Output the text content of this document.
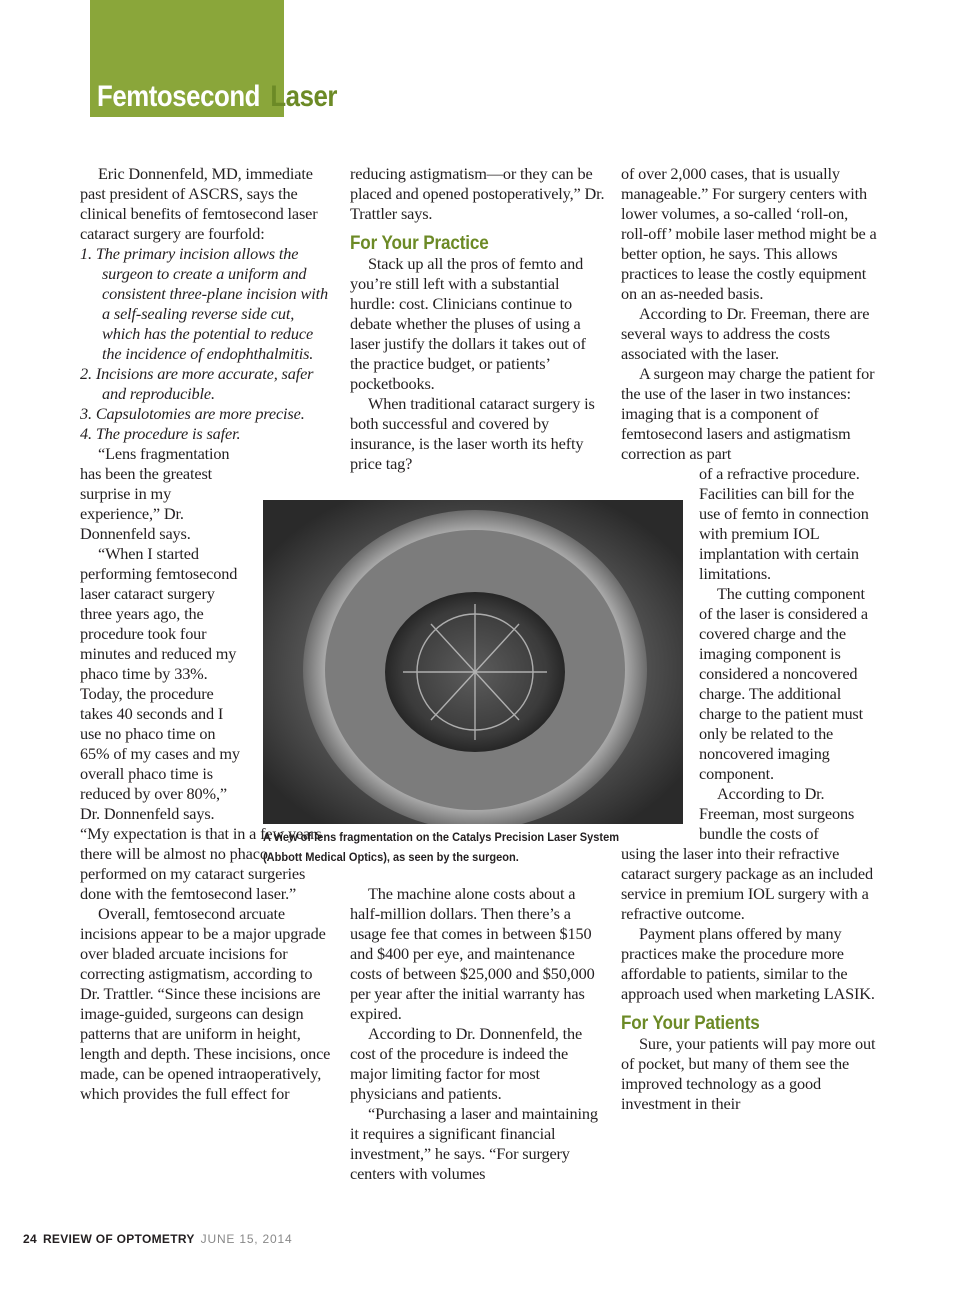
Femtosecond Laser

Eric Donnenfeld, MD, immediate past president of ASCRS, says the clinical benefits of femtosecond laser cataract surgery are fourfold:

1. The primary incision allows the surgeon to create a uniform and consistent three-plane incision with a self-sealing reverse side cut, which has the potential to reduce the incidence of endophthalmitis.
2. Incisions are more accurate, safer and reproducible.
3. Capsulotomies are more precise.
4. The procedure is safer.

“Lens fragmentation has been the greatest surprise in my experience,” Dr. Donnenfeld says.

“When I started performing femtosecond laser cataract surgery three years ago, the procedure took four minutes and reduced my phaco time by 33%. Today, the procedure takes 40 seconds and I use no phaco time on 65% of my cases and my overall phaco time is reduced by over 80%,” Dr. Donnenfeld says.

“My expectation is that in a few years there will be almost no phaco performed on my cataract surgeries done with the femtosecond laser.”

Overall, femtosecond arcuate incisions appear to be a major upgrade over bladed arcuate incisions for correcting astigmatism, according to Dr. Trattler. “Since these incisions are image-guided, surgeons can design patterns that are uniform in height, length and depth. These incisions, once made, can be opened intraoperatively, which provides the full effect for

reducing astigmatism—or they can be placed and opened postoperatively,” Dr. Trattler says.

For Your Practice

Stack up all the pros of femto and you’re still left with a substantial hurdle: cost. Clinicians continue to debate whether the pluses of using a laser justify the dollars it takes out of the practice budget, or patients’ pocketbooks.

When traditional cataract surgery is both successful and covered by insurance, is the laser worth its hefty price tag?

A view of lens fragmentation on the Catalys Precision Laser System
(Abbott Medical Optics), as seen by the surgeon.

The machine alone costs about a half-million dollars. Then there’s a usage fee that comes in between $150 and $400 per eye, and maintenance costs of between $25,000 and $50,000 per year after the initial warranty has expired.

According to Dr. Donnenfeld, the cost of the procedure is indeed the major limiting factor for most physicians and patients.

“Purchasing a laser and maintaining it requires a significant financial investment,” he says. “For surgery centers with volumes

of over 2,000 cases, that is usually manageable.” For surgery centers with lower volumes, a so-called ‘roll-on, roll-off’ mobile laser method might be a better option, he says. This allows practices to lease the costly equipment on an as-needed basis.

According to Dr. Freeman, there are several ways to address the costs associated with the laser.

A surgeon may charge the patient for the use of the laser in two instances: imaging that is a component of femtosecond lasers and astigmatism correction as part

of a refractive procedure. Facilities can bill for the use of femto in connection with premium IOL implantation with certain limitations.

The cutting component of the laser is considered a covered charge and the imaging component is considered a noncovered charge. The additional charge to the patient must only be related to the noncovered imaging component.

According to Dr. Freeman, most surgeons bundle the costs of

using the laser into their refractive cataract surgery package as an included service in premium IOL surgery with a refractive outcome.

Payment plans offered by many practices make the procedure more affordable to patients, similar to the approach used when marketing LASIK.

For Your Patients

Sure, your patients will pay more out of pocket, but many of them see the improved technology as a good investment in their

24 REVIEW OF OPTOMETRY JUNE 15, 2014
